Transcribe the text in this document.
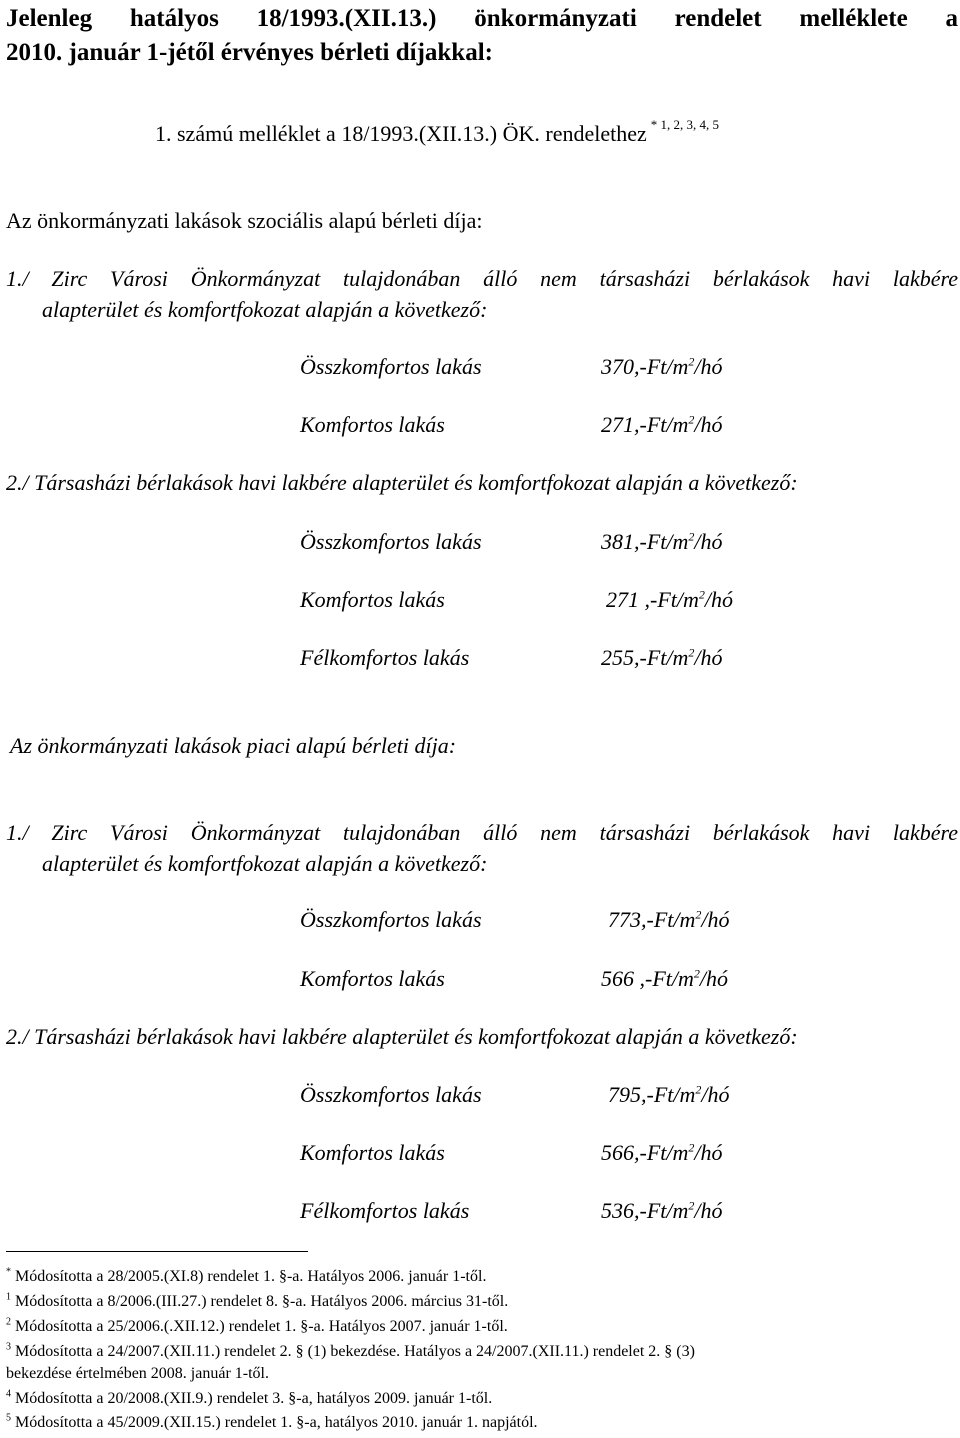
Jelenleg hatályos 18/1993.(XII.13.) önkormányzati rendelet melléklete a
2010. január 1-jétől érvényes bérleti díjakkal:
1. számú melléklet a 18/1993.(XII.13.) ÖK. rendelethez $^{* 1, 2, 3, 4, 5}$
Az önkormányzati lakások szociális alapú bérleti díja:
1./ Zirc Városi Önkormányzat tulajdonában álló nem társasházi bérlakások havi lakbére
alapterület és komfortfokozat alapján a következő:
Összkomfortos lakás	$370,-Ft/m^2/hó$
Komfortos lakás	$271,-Ft/m^2/hó$
2./ Társasházi bérlakások havi lakbére alapterület és komfortfokozat alapján a következő:
Összkomfortos lakás	$381,-Ft/m^2/hó$
Komfortos lakás	271 $,-Ft/m^2/hó$
Félkomfortos lakás	$255,-Ft/m^2/hó$
Az önkormányzati lakások piaci alapú bérleti díja:
1./ Zirc Városi Önkormányzat tulajdonában álló nem társasházi bérlakások havi lakbére
alapterület és komfortfokozat alapján a következő:
Összkomfortos lakás	$773,-Ft/m^2/hó$
Komfortos lakás	566 $,-Ft/m^2/hó$
2./ Társasházi bérlakások havi lakbére alapterület és komfortfokozat alapján a következő:
Összkomfortos lakás	$795,-Ft/m^2/hó$
Komfortos lakás	$566,-Ft/m^2/hó$
Félkomfortos lakás	$536,-Ft/m^2/hó$
* Módosította a 28/2005.(XI.8) rendelet 1. §-a. Hatályos 2006. január 1-től.
$^1$ Módosította a 8/2006.(III.27.) rendelet 8. §-a. Hatályos 2006. március 31-től.
$^2$ Módosította a 25/2006.(.XII.12.) rendelet 1. §-a. Hatályos 2007. január 1-től.
$^3$ Módosította a 24/2007.(XII.11.) rendelet 2. § (1) bekezdése. Hatályos a 24/2007.(XII.11.) rendelet 2. § (3)
bekezdése értelmében 2008. január 1-től.
$^4$ Módosította a 20/2008.(XII.9.) rendelet 3. §-a, hatályos 2009. január 1-től.
$^5$ Módosította a 45/2009.(XII.15.) rendelet 1. §-a, hatályos 2010. január 1. napjától.
